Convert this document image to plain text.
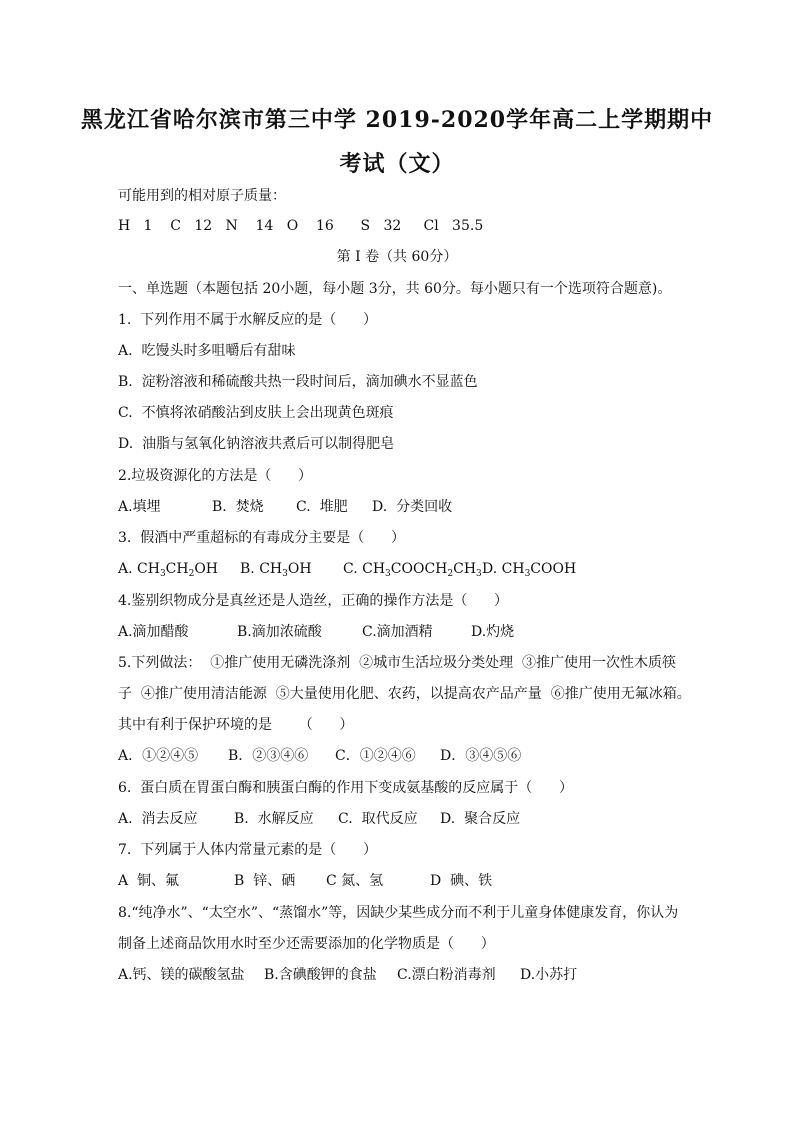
黑龙江省哈尔滨市第三中学 2019-2020学年高二上学期期中
考试（文）
可能用到的相对原子质量：
H   1    C   12   N    14   O    16      S   32     Cl   35.5
第 I 卷（共 60分）
一、单选题（本题包括 20小题，每小题 3分，共 60分。每小题只有一个选项符合题意)。
1.  下列作用不属于水解反应的是（      ）
A.  吃馒头时多咀嚼后有甜味
B.  淀粉溶液和稀硫酸共热一段时间后，滴加碘水不显蓝色
C.  不慎将浓硝酸沾到皮肤上会出现黄色斑痕
D.  油脂与氢氧化钠溶液共煮后可以制得肥皂
2.垃圾资源化的方法是（      ）
A.填埋	B.  焚烧 C.  堆肥 D.  分类回收
3.  假酒中严重超标的有毒成分主要是（      ）
A. $CH_3CH_2OH$ B. $CH_3OH$ C. $CH_3COOCH_2CH_3$ D. $CH_3COOH$
4.鉴别织物成分是真丝还是人造丝，正确的操作方法是（      ）
A.滴加醋酸	B.滴加浓硫酸	C.滴加酒精	D.灼烧
5.下列做法：  ①推广使用无磷洗涤剂  ②城市生活垃圾分类处理  ③推广使用一次性木质筷
子  ④推广使用清洁能源  ⑤大量使用化肥、农药，以提高农产品产量  ⑥推广使用无氟冰箱。
其中有利于保护环境的是      （      ）
A．①②④⑤ B．②③④⑥ C．①②④⑥ D．③④⑤⑥
6.  蛋白质在胃蛋白酶和胰蛋白酶的作用下变成氨基酸的反应属于（      ）
A.  消去反应	B.  水解反应 C.  取代反应 D.  聚合反应
7.  下列属于人体内常量元素的是（      ）
A  铜、氟	B  锌、硒 C 氮、氢	D  碘、铁
8.“纯净水”、“太空水”、“蒸馏水”等，因缺少某些成分而不利于儿童身体健康发育，你认为
制备上述商品饮用水时至少还需要添加的化学物质是（      ）
A.钙、镁的碳酸氢盐 B.含碘酸钾的食盐 C.漂白粉消毒剂 D.小苏打
